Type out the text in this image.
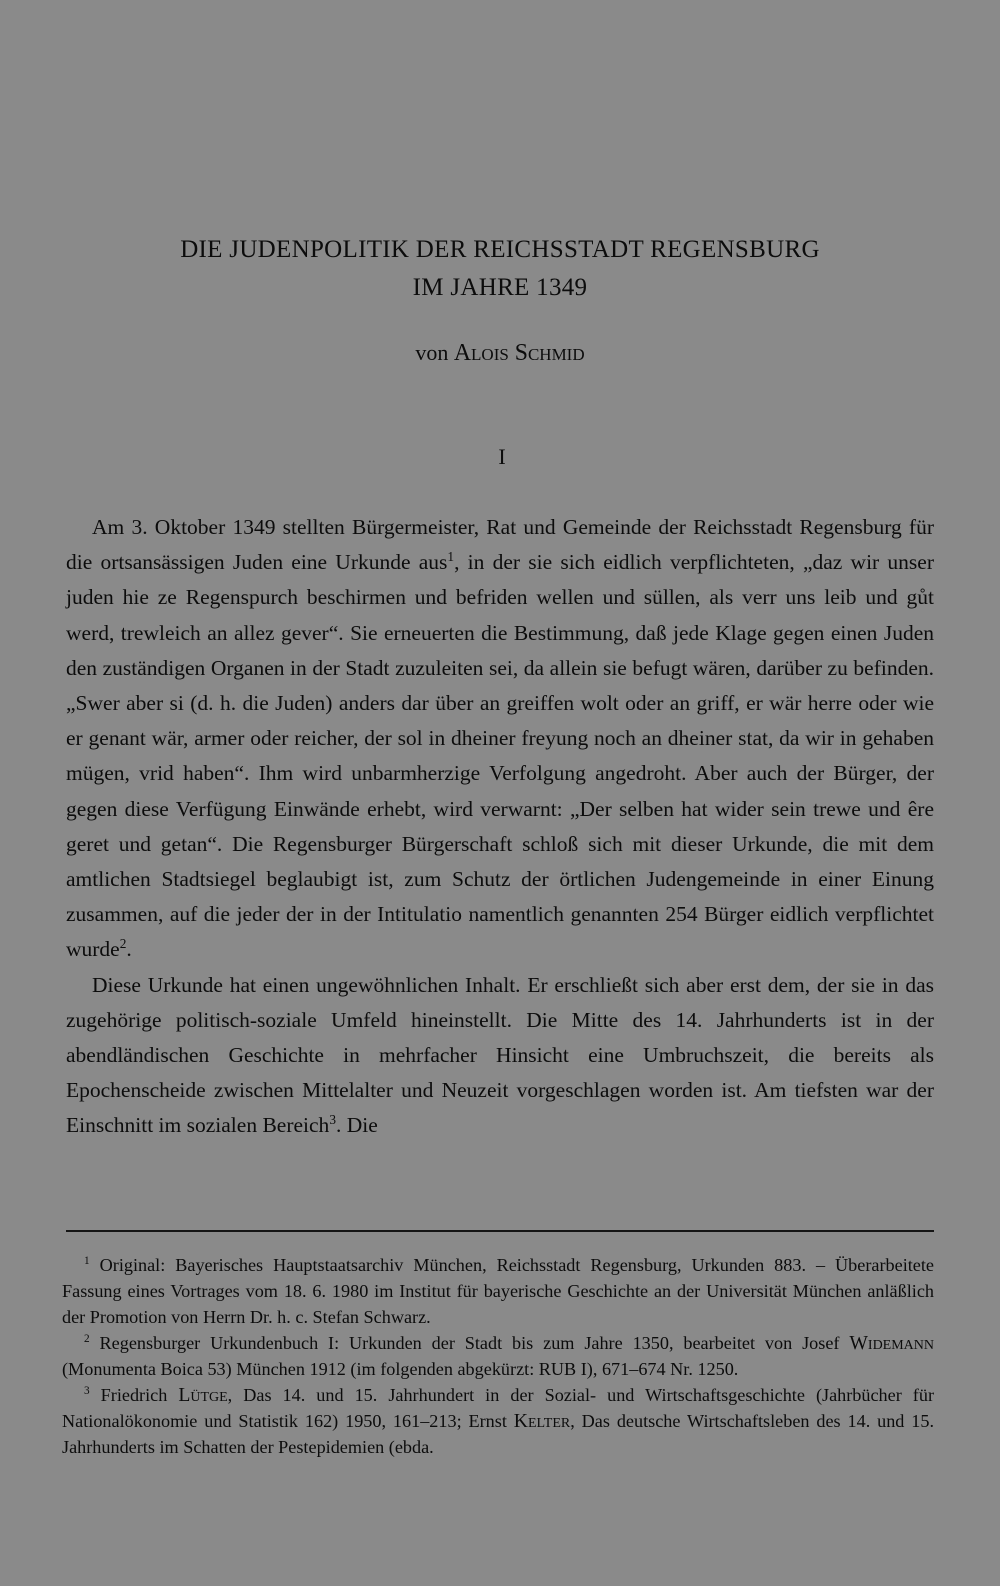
DIE JUDENPOLITIK DER REICHSSTADT REGENSBURG
IM JAHRE 1349
von Alois Schmid
I

Am 3. Oktober 1349 stellten Bürgermeister, Rat und Gemeinde der Reichsstadt Regensburg für die ortsansässigen Juden eine Urkunde aus$^1$, in der sie sich eidlich verpflichteten, „daz wir unser juden hie ze Regenspurch beschirmen und befriden wellen und süllen, als verr uns leib und gůt werd, trewleich an allez gever“. Sie erneuerten die Bestimmung, daß jede Klage gegen einen Juden den zuständigen Organen in der Stadt zuzuleiten sei, da allein sie befugt wären, darüber zu befinden. „Swer aber si (d. h. die Juden) anders dar über an greiffen wolt oder an griff, er wär herre oder wie er genant wär, armer oder reicher, der sol in dheiner freyung noch an dheiner stat, da wir in gehaben mügen, vrid haben“. Ihm wird unbarmherzige Verfolgung angedroht. Aber auch der Bürger, der gegen diese Verfügung Einwände erhebt, wird verwarnt: „Der selben hat wider sein trewe und êre geret und getan“. Die Regensburger Bürgerschaft schloß sich mit dieser Urkunde, die mit dem amtlichen Stadtsiegel beglaubigt ist, zum Schutz der örtlichen Judengemeinde in einer Einung zusammen, auf die jeder der in der Intitulatio namentlich genannten 254 Bürger eidlich verpflichtet wurde$^2$.

Diese Urkunde hat einen ungewöhnlichen Inhalt. Er erschließt sich aber erst dem, der sie in das zugehörige politisch-soziale Umfeld hineinstellt. Die Mitte des 14. Jahrhunderts ist in der abendländischen Geschichte in mehrfacher Hinsicht eine Umbruchszeit, die bereits als Epochenscheide zwischen Mittelalter und Neuzeit vorgeschlagen worden ist. Am tiefsten war der Einschnitt im sozialen Bereich$^3$. Die

$^1$ Original: Bayerisches Hauptstaatsarchiv München, Reichsstadt Regensburg, Urkunden 883. – Überarbeitete Fassung eines Vortrages vom 18. 6. 1980 im Institut für bayerische Geschichte an der Universität München anläßlich der Promotion von Herrn Dr. h. c. Stefan Schwarz.

$^2$ Regensburger Urkundenbuch I: Urkunden der Stadt bis zum Jahre 1350, bearbeitet von Josef Widemann (Monumenta Boica 53) München 1912 (im folgenden abgekürzt: RUB I), 671–674 Nr. 1250.

$^3$ Friedrich Lütge, Das 14. und 15. Jahrhundert in der Sozial- und Wirtschaftsgeschichte (Jahrbücher für Nationalökonomie und Statistik 162) 1950, 161–213; Ernst Kelter, Das deutsche Wirtschaftsleben des 14. und 15. Jahrhunderts im Schatten der Pestepidemien (ebda.
